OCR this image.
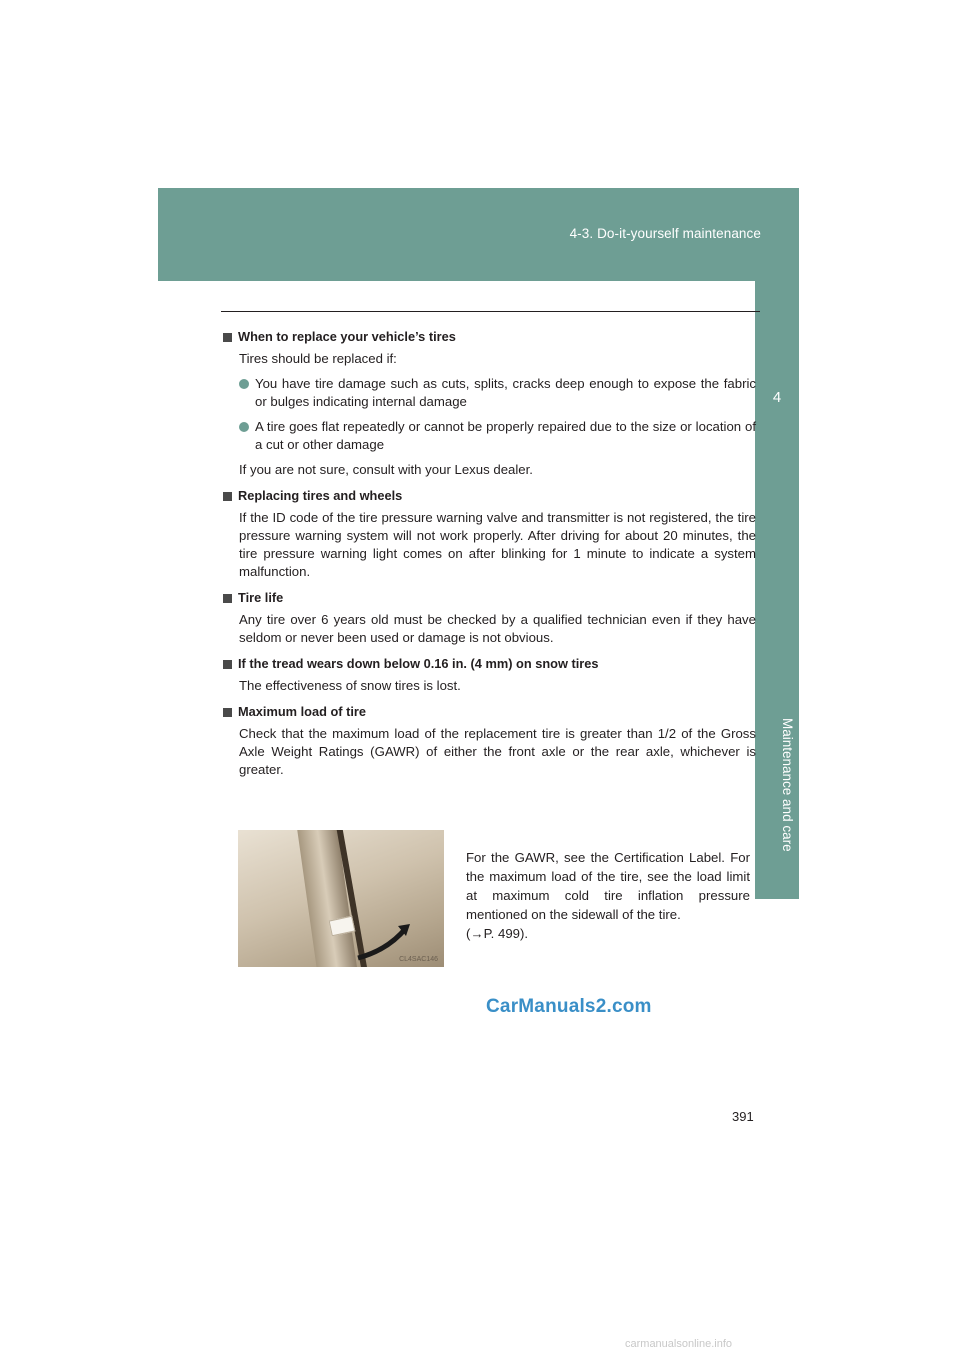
4-3. Do-it-yourself maintenance
4
Maintenance and care
When to replace your vehicle’s tires
Tires should be replaced if:
You have tire damage such as cuts, splits, cracks deep enough to expose the fabric or bulges indicating internal damage
A tire goes flat repeatedly or cannot be properly repaired due to the size or location of a cut or other damage
If you are not sure, consult with your Lexus dealer.
Replacing tires and wheels
If the ID code of the tire pressure warning valve and transmitter is not registered, the tire pressure warning system will not work properly. After driving for about 20 minutes, the tire pressure warning light comes on after blinking for 1 minute to indicate a system malfunction.
Tire life
Any tire over 6 years old must be checked by a qualified technician even if they have seldom or never been used or damage is not obvious.
If the tread wears down below 0.16 in. (4 mm) on snow tires
The effectiveness of snow tires is lost.
Maximum load of tire
Check that the maximum load of the replacement tire is greater than 1/2 of the Gross Axle Weight Ratings (GAWR) of either the front axle or the rear axle, whichever is greater.
CL4SAC146
For the GAWR, see the Certification Label. For the maximum load of the tire, see the load limit at maximum cold tire inflation pressure mentioned on the sidewall of the tire.
(→P. 499).
CarManuals2.com
391
carmanualsonline.info
